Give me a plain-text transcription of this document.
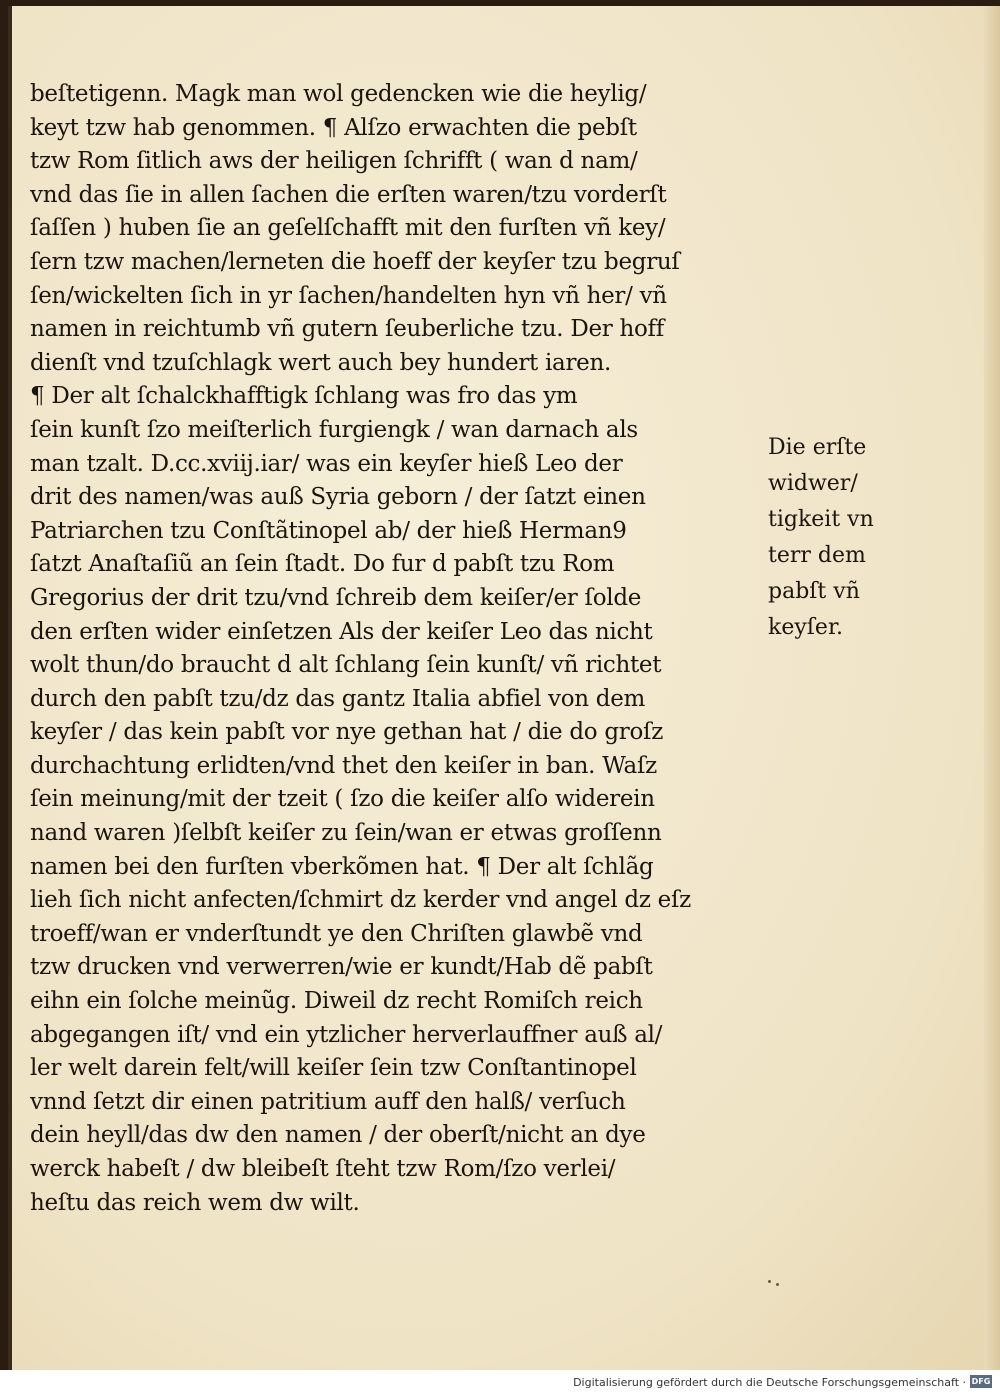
beſtetigenn. Magk man wol gedencken wie die heylig/
keyt tzw hab genommen. ¶ Alſzo erwachten die pebſt
tzw Rom ſitlich aws der heiligen ſchrifft ( wan d nam/
vnd das ſie in allen ſachen die erſten waren/tzu vorderſt
ſaſſen ) huben ſie an geſelſchafft mit den furſten vñ key/
ſern tzw machen/lerneten die hoeff der keyſer tzu begruſ
ſen/wickelten ſich in yr ſachen/handelten hyn vñ her/ vñ
namen in reichtumb vñ gutern ſeuberliche tzu. Der hoff
dienſt vnd tzuſchlagk wert auch bey hundert iaren.
¶ Der alt ſchalckhafftigk ſchlang was fro das ym
ſein kunſt ſzo meiſterlich furgiengk / wan darnach als
man tzalt. D.cc.xviij.iar/ was ein keyſer hieß Leo der
drit des namen/was auß Syria geborn / der ſatzt einen
Patriarchen tzu Conſtãtinopel ab/ der hieß Herman9
ſatzt Anaſtaſiũ an ſein ſtadt. Do fur d pabſt tzu Rom
Gregorius der drit tzu/vnd ſchreib dem keiſer/er ſolde
den erſten wider einſetzen Als der keiſer Leo das nicht
wolt thun/do braucht d alt ſchlang ſein kunſt/ vñ richtet
durch den pabſt tzu/dz das gantz Italia abfiel von dem
keyſer / das kein pabſt vor nye gethan hat / die do groſz
durchachtung erlidten/vnd thet den keiſer in ban. Waſz
ſein meinung/mit der tzeit ( ſzo die keiſer alſo widerein
nand waren )ſelbſt keiſer zu ſein/wan er etwas groſſenn
namen bei den furſten vberkõmen hat. ¶ Der alt ſchlãg
lieh ſich nicht anfecten/ſchmirt dz kerder vnd angel dz eſz
troeff/wan er vnderſtundt ye den Chriſten glawbẽ vnd
tzw drucken vnd verwerren/wie er kundt/Hab dẽ pabſt
eihn ein ſolche meinũg. Diweil dz recht Romiſch reich
abgegangen iſt/ vnd ein ytzlicher herverlauffner auß al/
ler welt darein felt/will keiſer ſein tzw Conſtantinopel
vnnd ſetzt dir einen patritium auff den halß/ verſuch
dein heyll/das dw den namen / der oberſt/nicht an dye
werck habeſt / dw bleibeſt ſteht tzw Rom/ſzo verlei/
heſtu das reich wem dw wilt.
Die erſte
widwer/
tigkeit vn
terr dem
pabſt vñ
keyſer.
Digitalisierung gefördert durch die Deutsche Forschungsgemeinschaft · DFG
